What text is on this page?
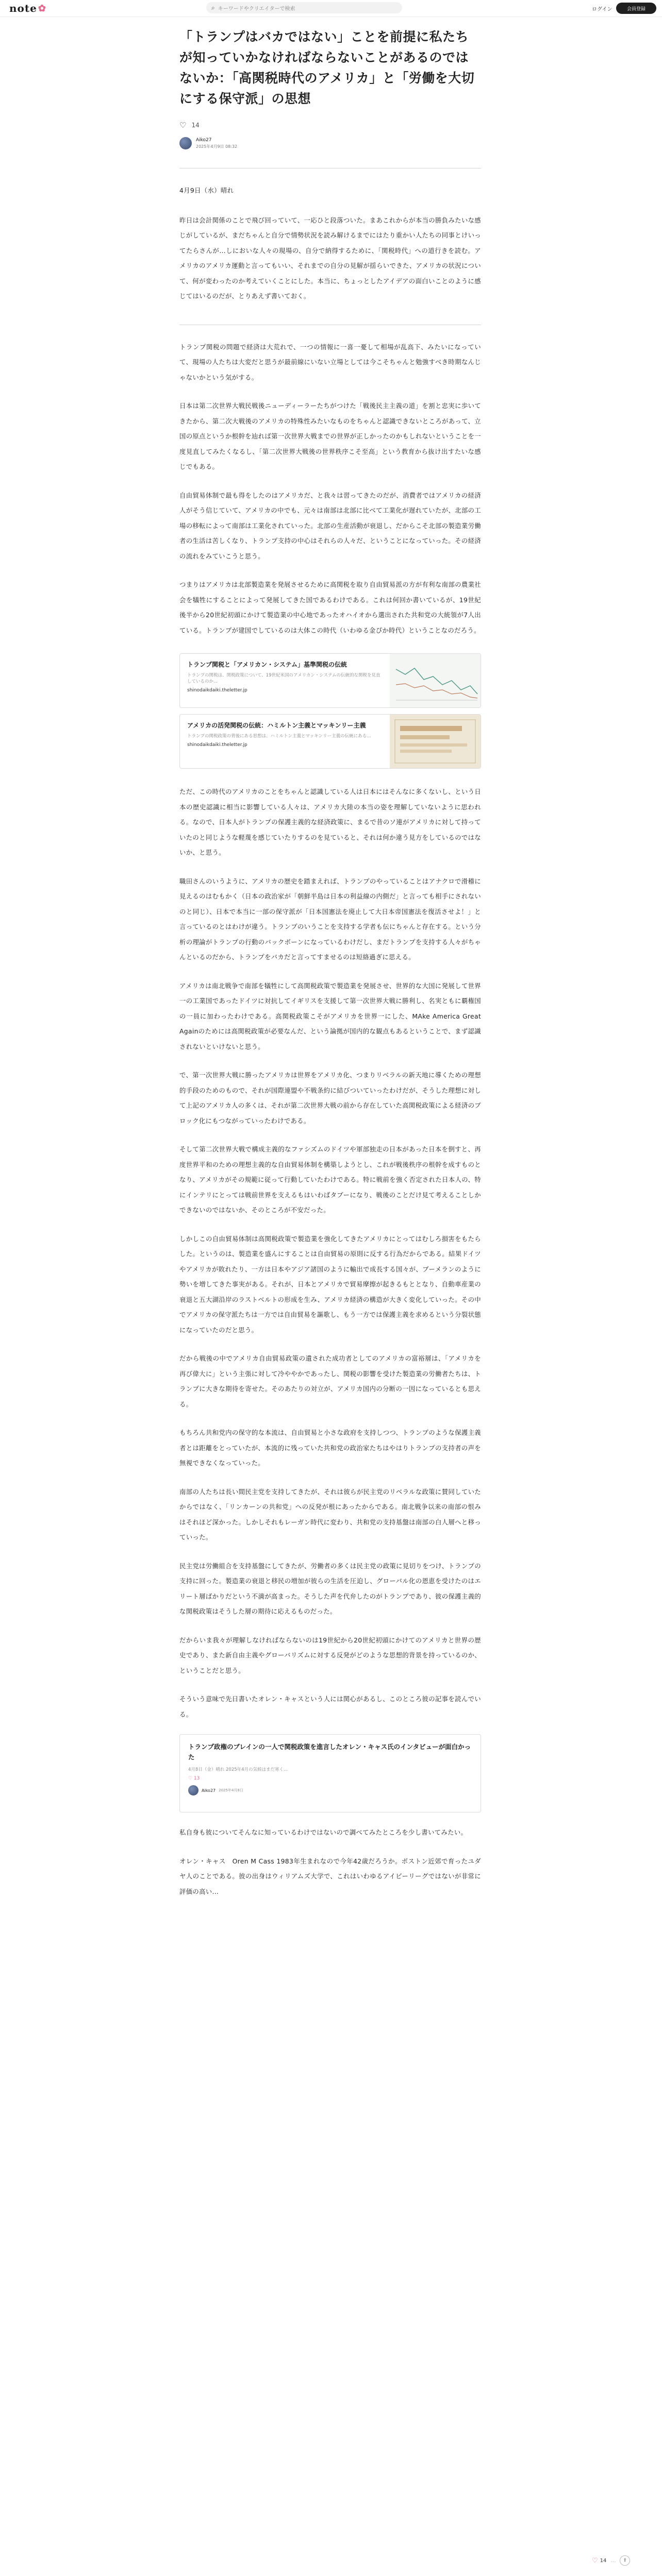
note ✿	⌕ キーワードやクリエイターで検索	ログイン	会員登録
「トランプはバカではない」ことを前提に私たちが知っていかなければならないことがあるのではないか：「高関税時代のアメリカ」と「労働を大切にする保守派」の思想
♡ 14
Aiko27
2025年4月9日 08:32

4月9日（水）晴れ

昨日は会計関係のことで飛び回っていて、一応ひと段落ついた。まあこれからが本当の勝負みたいな感じがしているが、まだちゃんと自分で情勢状況を読み解けるまでにはたり重かい人たちの同事とけいってたらさんが…しにおいな人々の現場の、自分で納得するために、「関税時代」への道行きを読む。アメリカのアメリカ運動と言ってもいい、それまでの自分の見解が揺らいできた、アメリカの状況について、何が変わったのか考えていくことにした。本当に、ちょっとしたアイデアの面白いことのように感じてはいるのだが、とりあえず書いておく。

トランプ関税の問題で経済は大荒れで、一つの情報に一喜一憂して相場が乱高下、みたいになっていて、現場の人たちは大変だと思うが最前線にいない立場としては今こそちゃんと勉強すべき時期なんじゃないかという気がする。

日本は第二次世界大戦民戦後ニューディーラーたちがつけた「戦後民主主義の道」を割と忠実に歩いてきたから、第二次大戦後のアメリカの特殊性みたいなものをちゃんと認識できないところがあって、立国の原点というか根幹を辿れば第一次世界大戦までの世界が正しかったのかもしれないということを一度見直してみたくなるし、「第二次世界大戦後の世界秩序こそ至高」という教育から抜け出すたいな感じでもある。

自由貿易体制で最も得をしたのはアメリカだ、と我々は習ってきたのだが、消費者ではアメリカの経済人がそう信じていて、アメリカの中でも、元々は南部は北部に比べて工業化が遅れていたが、北部の工場の移転によって南部は工業化されていった。北部の生産活動が衰退し、だからこそ北部の製造業労働者の生活は苦しくなり、トランプ支持の中心はそれらの人々だ、ということになっていった。その経済の流れをみていこうと思う。

つまりはアメリカは北部製造業を発展させるために高関税を取り自由貿易派の方が有利な南部の農業社会を犠牲にすることによって発展してきた国であるわけである。これは何回か書いているが、19世紀後半から20世紀初頭にかけて製造業の中心地であったオハイオから選出された共和党の大統領が7人出ている。トランプが建国でしているのは大体この時代（いわゆる金ぴか時代）ということなのだろう。

トランプ関税と「アメリカン・システム」基準関税の伝統
トランプの関税は、関税政策について、19世紀米国のアメリカン・システムの伝統的な関税を見直しているのか...
shinodaikdaiki.theletter.jp
アメリカの活発関税の伝統：ハミルトン主義とマッキンリー主義
トランプの関税政策の背後にある思想は、ハミルトン主義とマッキンリー主義の伝統にある...
shinodaikdaiki.theletter.jp

ただ、この時代のアメリカのことをちゃんと認識している人は日本にはそんなに多くないし、という日本の歴史認識に相当に影響している人々は、アメリカ大陸の本当の姿を理解していないように思われる。なので、日本人がトランプの保護主義的な経済政策に、まるで昔のソ連がアメリカに対して持っていたのと同じような軽蔑を感じていたりするのを見ていると、それは何か違う見方をしているのではないか、と思う。

職田さんのいうように、アメリカの歴史を踏まえれば、トランプのやっていることはアナクロで滑稽に見えるのはむもかく（日本の政治家が「朝鮮半島は日本の利益線の内側だ」と言っても相手にされないのと同じ）、日本で本当に一部の保守派が「日本国憲法を廃止して大日本帝国憲法を復活させよ！」と言っているのとはわけが違う。トランプのいうことを支持する学者も伝にちゃんと存在する。という分析の理論がトランプの行動のバックボーンになっているわけだし、まだトランプを支持する人々がちゃんといるのだから、トランプをバカだと言ってすませるのは短絡過ぎに思える。

アメリカは南北戦争で南部を犠牲にして高関税政策で製造業を発展させ、世界的な大国に発展して世界一の工業国であったドイツに対抗してイギリスを支援して第一次世界大戦に勝利し、名実ともに覇権国の一員に加わったわけである。高関税政策こそがアメリカを世界一にした、MAke America Great Againのためには高関税政策が必要なんだ、という論拠が国内的な観点もあるということで、まず認識されないといけないと思う。

で、第一次世界大戦に勝ったアメリカは世界をアメリカ化、つまりリベラルの新天地に導くための理想的手段のためのもので、それが国際連盟や不戦条約に結びついていったわけだが、そうした理想に対して上記のアメリカ人の多くは、それが第二次世界大戦の前から存在していた高関税政策による経済のブロック化にもつながっていったわけである。

そして第二次世界大戦で構成主義的なファシズムのドイツや軍部独走の日本があった日本を倒すと、再度世界平和のための理想主義的な自由貿易体制を構築しようとし、これが戦後秩序の根幹を成すものとなり、アメリカがその規範に従って行動していたわけである。特に戦前を強く否定された日本人の、特にインテリにとっては戦前世界を支えるもはいわばタブーになり、戦後のことだけ見て考えることしかできないのではないか、そのところが不安だった。

しかしこの自由貿易体制は高関税政策で製造業を強化してきたアメリカにとってはむしろ損害をもたらした。というのは、製造業を盛んにすることは自由貿易の原則に反する行為だからである。結果ドイツやアメリカが敗れたり、一方は日本やアジア諸国のように輸出で成長する国々が、ブーメランのように勢いを増してきた事実がある。それが、日本とアメリカで貿易摩擦が起きるもととなり、自動車産業の衰退と五大湖沿岸のラストベルトの形成を生み、アメリカ経済の構造が大きく変化していった。その中でアメリカの保守派たちは一方では自由貿易を謳歌し、もう一方では保護主義を求めるという分裂状態になっていたのだと思う。

だから戦後の中でアメリカ自由貿易政策の遺された成功者としてのアメリカの富裕層は、「アメリカを再び偉大に」という主張に対して冷ややかであったし、関税の影響を受けた製造業の労働者たちは、トランプに大きな期待を寄せた。そのあたりの対立が、アメリカ国内の分断の一因になっているとも思える。

もちろん共和党内の保守的な本流は、自由貿易と小さな政府を支持しつつ、トランプのような保護主義者とは距離をとっていたが、本流的に残っていた共和党の政治家たちはやはりトランプの支持者の声を無視できなくなっていった。

南部の人たちは長い間民主党を支持してきたが、それは彼らが民主党のリベラルな政策に賛同していたからではなく、「リンカーンの共和党」への反発が根にあったからである。南北戦争以来の南部の恨みはそれほど深かった。しかしそれもレーガン時代に変わり、共和党の支持基盤は南部の白人層へと移っていった。

民主党は労働組合を支持基盤にしてきたが、労働者の多くは民主党の政策に見切りをつけ、トランプの支持に回った。製造業の衰退と移民の増加が彼らの生活を圧迫し、グローバル化の恩恵を受けたのはエリート層ばかりだという不満が高まった。そうした声を代弁したのがトランプであり、彼の保護主義的な関税政策はそうした層の期待に応えるものだった。

だからいま我々が理解しなければならないのは19世紀から20世紀初頭にかけてのアメリカと世界の歴史であり、また新自由主義やグローバリズムに対する反発がどのような思想的背景を持っているのか、ということだと思う。

そういう意味で先日書いたオレン・キャスという人には関心があるし、このところ彼の記事を読んでいる。

トランプ政権のブレインの一人で関税政策を進言したオレン・キャス氏のインタビューが面白かった
4月8日（金）晴れ 2025年4月の気候はまだ寒く...
♡ 13
Aiko27 2025年4月8日

私自身も彼についてそんなに知っているわけではないので調べてみたところを少し書いてみたい。

オレン・キャス　Oren M Cass 1983年生まれなので今年42歳だろうか。ボストン近郊で育ったユダヤ人のことである。彼の出身はウィリアムズ大学で、これはいわゆるアイビーリーグではないが非常に評価の高い...

♡ 14 …	⇪
